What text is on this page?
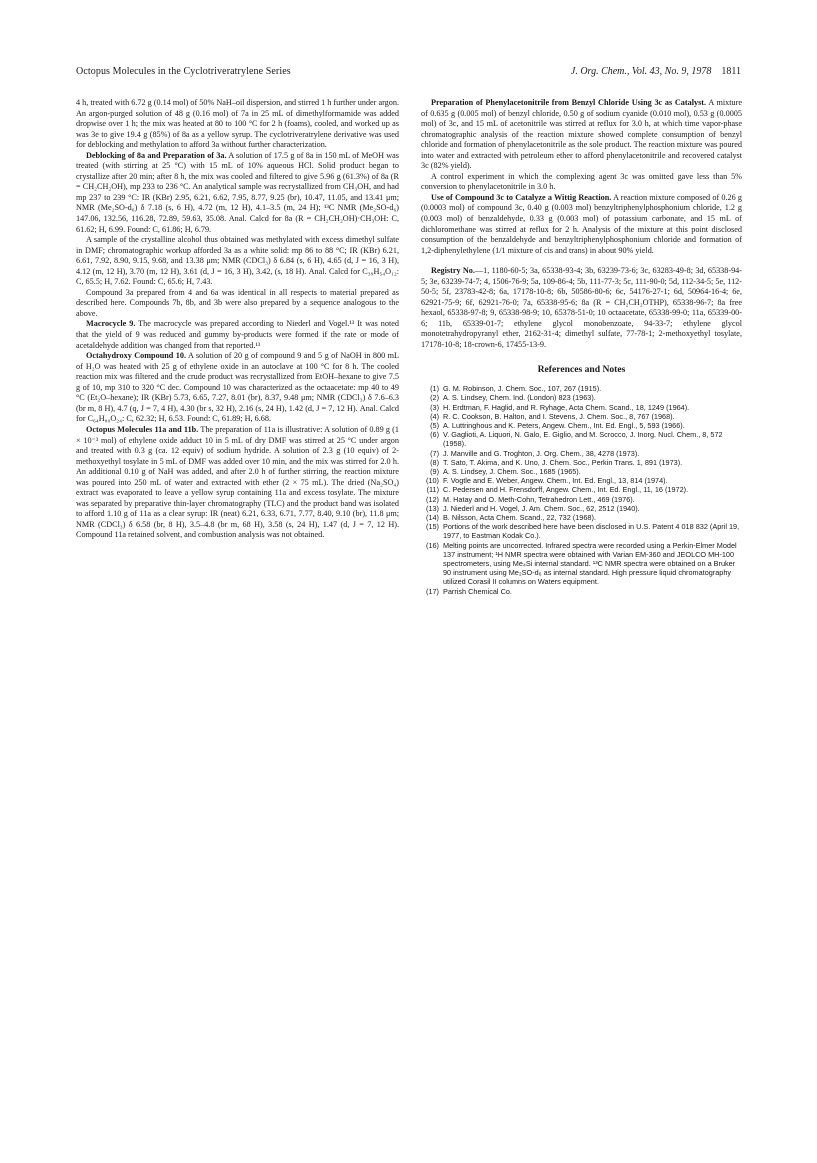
Octopus Molecules in the Cyclotriveratrylene Series	J. Org. Chem., Vol. 43, No. 9, 1978 1811

4 h, treated with 6.72 g (0.14 mol) of 50% NaH–oil dispersion, and stirred 1 h further under argon. An argon-purged solution of 48 g (0.16 mol) of 7a in 25 mL of dimethylformamide was added dropwise over 1 h; the mix was heated at 80 to 100 °C for 2 h (foams), cooled, and worked up as was 3e to give 19.4 g (85%) of 8a as a yellow syrup. The cyclotriveratrylene derivative was used for deblocking and methylation to afford 3a without further characterization.

Deblocking of 8a and Preparation of 3a. A solution of 17.5 g of 8a in 150 mL of MeOH was treated (with stirring at 25 °C) with 15 mL of 10% aqueous HCl. Solid product began to crystallize after 20 min; after 8 h, the mix was cooled and filtered to give 5.96 g (61.3%) of 8a (R = CH₂CH₂OH), mp 233 to 236 °C. An analytical sample was recrystallized from CH₃OH, and had mp 237 to 239 °C: IR (KBr) 2.95, 6.21, 6.62, 7.95, 8.77, 9.25 (br), 10.47, 11.05, and 13.41 μm; NMR (Me₂SO-d₆) δ 7.18 (s, 6 H), 4.72 (m, 12 H), 4.1–3.5 (m, 24 H); ¹³C NMR (Me₂SO-d₆) 147.06, 132.56, 116.28, 72.89, 59.63, 35.08. Anal. Calcd for 8a (R = CH₂CH₂OH)·CH₃OH: C, 61.62; H, 6.99. Found: C, 61.86; H, 6.79.

A sample of the crystalline alcohol thus obtained was methylated with excess dimethyl sulfate in DMF; chromatographic workup afforded 3a as a white solid: mp 86 to 88 °C; IR (KBr) 6.21, 6.61, 7.92, 8.90, 9.15, 9.68, and 13.38 μm; NMR (CDCl₃) δ 6.84 (s, 6 H), 4.65 (d, J = 16, 3 H), 4.12 (m, 12 H), 3.70 (m, 12 H), 3.61 (d, J = 16, 3 H), 3.42, (s, 18 H). Anal. Calcd for C₃₉H₅₄O₁₂: C, 65.5; H, 7.62. Found: C, 65.6; H, 7.43.

Compound 3a prepared from 4 and 6a was identical in all respects to material prepared as described here. Compounds 7b, 8b, and 3b were also prepared by a sequence analogous to the above.

Macrocycle 9. The macrocycle was prepared according to Niederl and Vogel.¹³ It was noted that the yield of 9 was reduced and gummy by-products were formed if the rate or mode of acetaldehyde addition was changed from that reported.¹³

Octahydroxy Compound 10. A solution of 20 g of compound 9 and 5 g of NaOH in 800 mL of H₂O was heated with 25 g of ethylene oxide in an autoclave at 100 °C for 8 h. The cooled reaction mix was filtered and the crude product was recrystallized from EtOH–hexane to give 7.5 g of 10, mp 310 to 320 °C dec. Compound 10 was characterized as the octaacetate: mp 40 to 49 °C (Et₂O–hexane); IR (KBr) 5.73, 6.65, 7.27, 8.01 (br), 8.37, 9.48 μm; NMR (CDCl₃) δ 7.6–6.3 (br m, 8 H), 4.7 (q, J = 7, 4 H), 4.30 (br s, 32 H), 2.16 (s, 24 H), 1.42 (d, J = 7, 12 H). Anal. Calcd for C₆₄H₈₀O₂₄: C, 62.32; H, 6.53. Found: C, 61.89; H, 6.68.

Octopus Molecules 11a and 11b. The preparation of 11a is illustrative: A solution of 0.89 g (1 × 10⁻³ mol) of ethylene oxide adduct 10 in 5 mL of dry DMF was stirred at 25 °C under argon and treated with 0.3 g (ca. 12 equiv) of sodium hydride. A solution of 2.3 g (10 equiv) of 2-methoxyethyl tosylate in 5 mL of DMF was added over 10 min, and the mix was stirred for 2.0 h. An additional 0.10 g of NaH was added, and after 2.0 h of further stirring, the reaction mixture was poured into 250 mL of water and extracted with ether (2 × 75 mL). The dried (Na₂SO₄) extract was evaporated to leave a yellow syrup containing 11a and excess tosylate. The mixture was separated by preparative thin-layer chromatography (TLC) and the product band was isolated to afford 1.10 g of 11a as a clear syrup: IR (neat) 6.21, 6.33, 6.71, 7.77, 8.40, 9.10 (br), 11.8 μm; NMR (CDCl₃) δ 6.58 (br, 8 H), 3.5–4.8 (br m, 68 H), 3.58 (s, 24 H), 1.47 (d, J = 7, 12 H). Compound 11a retained solvent, and combustion analysis was not obtained.

Preparation of Phenylacetonitrile from Benzyl Chloride Using 3c as Catalyst. A mixture of 0.635 g (0.005 mol) of benzyl chloride, 0.50 g of sodium cyanide (0.010 mol), 0.53 g (0.0005 mol) of 3c, and 15 mL of acetonitrile was stirred at reflux for 3.0 h, at which time vapor-phase chromatographic analysis of the reaction mixture showed complete consumption of benzyl chloride and formation of phenylacetonitrile as the sole product. The reaction mixture was poured into water and extracted with petroleum ether to afford phenylacetonitrile and recovered catalyst 3c (82% yield).

A control experiment in which the complexing agent 3c was omitted gave less than 5% conversion to phenylacetonitrile in 3.0 h.

Use of Compound 3c to Catalyze a Wittig Reaction. A reaction mixture composed of 0.26 g (0.0003 mol) of compound 3c, 0.40 g (0.003 mol) benzyltriphenylphosphonium chloride, 1.2 g (0.003 mol) of benzaldehyde, 0.33 g (0.003 mol) of potassium carbonate, and 15 mL of dichloromethane was stirred at reflux for 2 h. Analysis of the mixture at this point disclosed consumption of the benzaldehyde and benzyltriphenylphosphonium chloride and formation of 1,2-diphenylethylene (1/1 mixture of cis and trans) in about 90% yield.

Registry No.—1, 1180-60-5; 3a, 65338-93-4; 3b, 63239-73-6; 3c, 63283-49-8; 3d, 65338-94-5; 3e, 63239-74-7; 4, 1506-76-9; 5a, 109-86-4; 5b, 111-77-3; 5c, 111-90-0; 5d, 112-34-5; 5e, 112-50-5; 5f, 23783-42-8; 6a, 17178-10-8; 6b, 50586-80-6; 6c, 54176-27-1; 6d, 50964-16-4; 6e, 62921-75-9; 6f, 62921-76-0; 7a, 65338-95-6; 8a (R = CH₂CH₂OTHP), 65338-96-7; 8a free hexaol, 65338-97-8; 9, 65338-98-9; 10, 65378-51-0; 10 octaacetate, 65338-99-0; 11a, 65339-00-6; 11b, 65339-01-7; ethylene glycol monobenzoate, 94-33-7; ethylene glycol monotetrahydropyranyl ether, 2162-31-4; dimethyl sulfate, 77-78-1; 2-methoxyethyl tosylate, 17178-10-8; 18-crown-6, 17455-13-9.

References and Notes
(1) G. M. Robinson, J. Chem. Soc., 107, 267 (1915).
(2) A. S. Lindsey, Chem. Ind. (London) 823 (1963).
(3) H. Erdtman, F. Haglid, and R. Ryhage, Acta Chem. Scand., 18, 1249 (1964).
(4) R. C. Cookson, B. Halton, and I. Stevens, J. Chem. Soc., 8, 767 (1968).
(5) A. Luttringhous and K. Peters, Angew. Chem., Int. Ed. Engl., 5, 593 (1966).
(6) V. Gaglioti, A. Liquori, N. Galo, E. Giglio, and M. Scrocco, J. Inorg. Nucl. Chem., 8, 572 (1958).
(7) J. Manville and G. Troghton, J. Org. Chem., 38, 4278 (1973).
(8) T. Sato, T. Akima, and K. Uno, J. Chem. Soc., Perkin Trans. 1, 891 (1973).
(9) A. S. Lindsey, J. Chem. Soc., 1685 (1965).
(10) F. Vogtle and E. Weber, Angew. Chem., Int. Ed. Engl., 13, 814 (1974).
(11) C. Pedersen and H. Frensdorff, Angew. Chem., Int. Ed. Engl., 11, 16 (1972).
(12) M. Hatay and O. Meth-Cohn, Tetrahedron Lett., 469 (1976).
(13) J. Niederl and H. Vogel, J. Am. Chem. Soc., 62, 2512 (1940).
(14) B. Nilsson, Acta Chem. Scand., 22, 732 (1968).
(15) Portions of the work described here have been disclosed in U.S. Patent 4 018 832 (April 19, 1977, to Eastman Kodak Co.).
(16) Melting points are uncorrected. Infrared spectra were recorded using a Perkin-Elmer Model 137 instrument; ¹H NMR spectra were obtained with Varian EM-360 and JEOLCO MH-100 spectrometers, using Me₄Si internal standard. ¹³C NMR spectra were obtained on a Bruker 90 instrument using Me₂SO-d₆ as internal standard. High pressure liquid chromatography utilized Corasil II columns on Waters equipment.
(17) Parrish Chemical Co.
